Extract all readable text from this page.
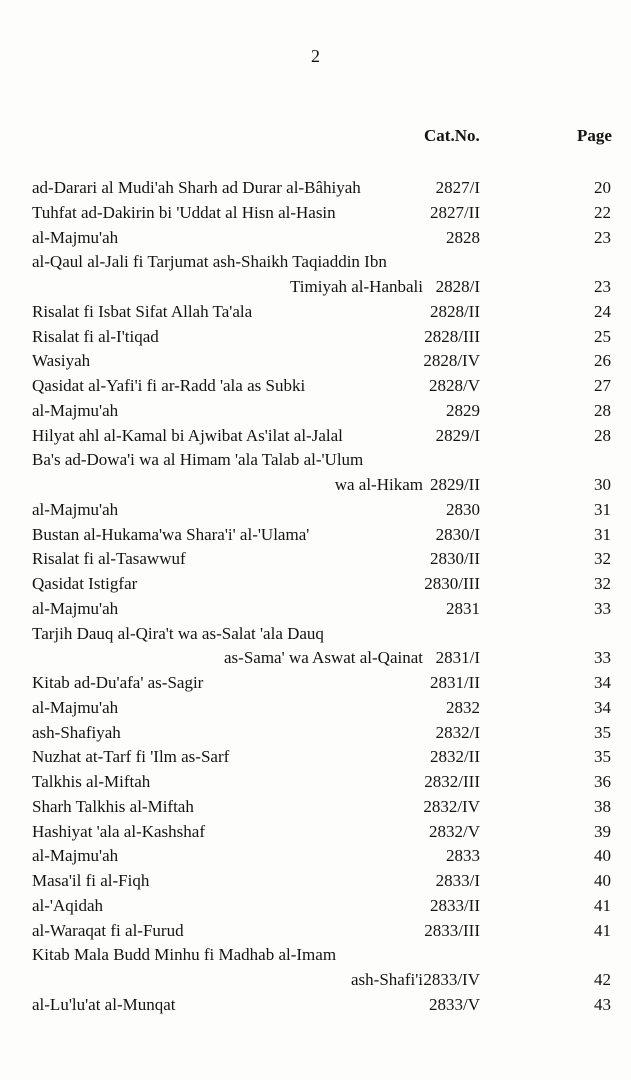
2
Cat.No.	Page
ad-Darari al Mudi'ah Sharh ad Durar al-Bâhiyah	2827/I	20
Tuhfat ad-Dakirin bi 'Uddat al Hisn al-Hasin	2827/II	22
al-Majmu'ah	2828	23
al-Qaul al-Jali fi Tarjumat ash-Shaikh Taqiaddin Ibn
Timiyah al-Hanbali 2828/I	23
Risalat fi Isbat Sifat Allah Ta'ala	2828/II	24
Risalat fi al-I'tiqad	2828/III	25
Wasiyah	2828/IV	26
Qasidat al-Yafi'i fi ar-Radd 'ala as Subki	2828/V	27
al-Majmu'ah	2829	28
Hilyat ahl al-Kamal bi Ajwibat As'ilat al-Jalal	2829/I	28
Ba's ad-Dowa'i wa al Himam 'ala Talab al-'Ulum
wa al-Hikam 2829/II	30
al-Majmu'ah	2830	31
Bustan al-Hukama'wa Shara'i' al-'Ulama'	2830/I	31
Risalat fi al-Tasawwuf	2830/II	32
Qasidat Istigfar	2830/III	32
al-Majmu'ah	2831	33
Tarjih Dauq al-Qira't wa as-Salat 'ala Dauq
as-Sama' wa Aswat al-Qainat 2831/I	33
Kitab ad-Du'afa' as-Sagir	2831/II	34
al-Majmu'ah	2832	34
ash-Shafiyah	2832/I	35
Nuzhat at-Tarf fi 'Ilm as-Sarf	2832/II	35
Talkhis al-Miftah	2832/III	36
Sharh Talkhis al-Miftah	2832/IV	38
Hashiyat 'ala al-Kashshaf	2832/V	39
al-Majmu'ah	2833	40
Masa'il fi al-Fiqh	2833/I	40
al-'Aqidah	2833/II	41
al-Waraqat fi al-Furud	2833/III	41
Kitab Mala Budd Minhu fi Madhab al-Imam
ash-Shafi'i 2833/IV	42
al-Lu'lu'at al-Munqat	2833/V	43
